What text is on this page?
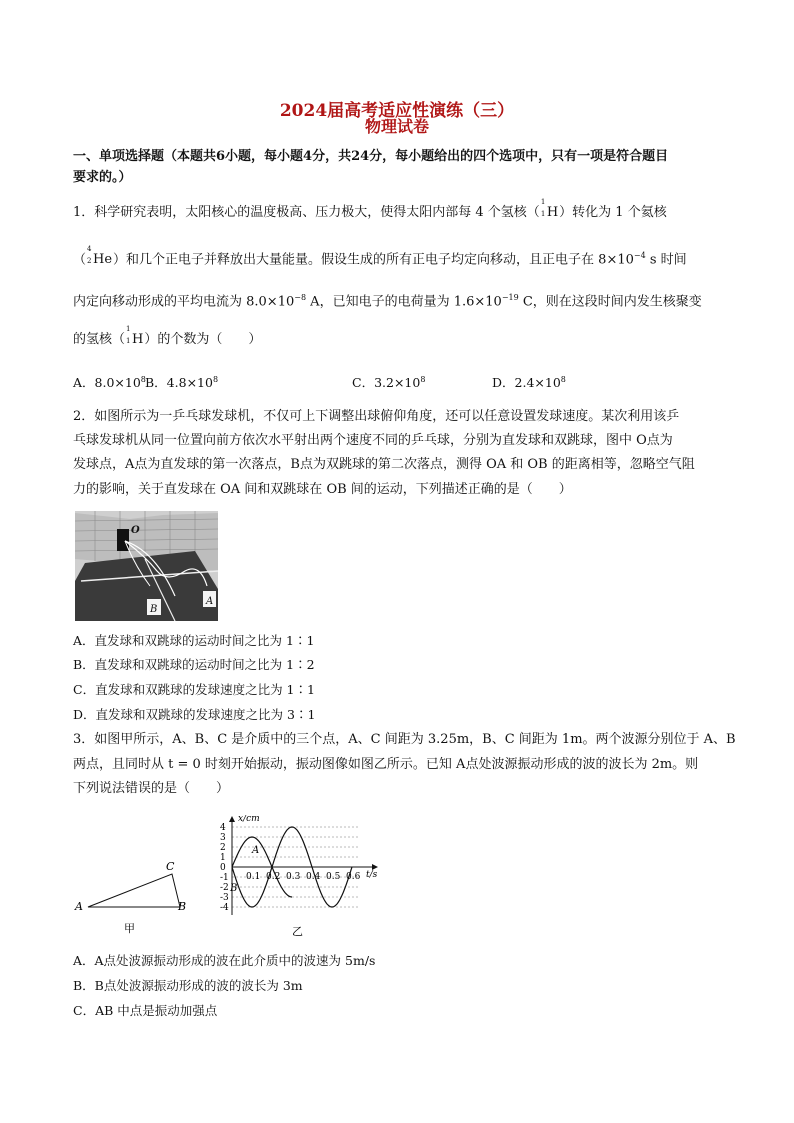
2024届高考适应性演练（三）
物理试卷
一、单项选择题（本题共6小题，每小题4分，共24分，每小题给出的四个选项中，只有一项是符合题目
要求的。）
1．科学研究表明，太阳核心的温度极高、压力极大，使得太阳内部每 4 个氢核（
1
1 H）转化为 1 个氦核
（
4
2 He）和几个正电子并释放出大量能量。假设生成的所有正电子均定向移动，且正电子在 $8\times 10^{-4}$ s 时间
内定向移动形成的平均电流为 $8.0\times 10^{-8}$ A，已知电子的电荷量为 $1.6\times 10^{-19}$ C，则在这段时间内发生核聚变
的氢核（
1
1 H）的个数为（　　）
A．$8.0\times 10^8$ B．$4.8\times 10^8$	C．$3.2\times 10^8$	D．$2.4\times 10^8$
2．如图所示为一乒乓球发球机，不仅可上下调整出球俯仰角度，还可以任意设置发球速度。某次利用该乒
乓球发球机从同一位置向前方依次水平射出两个速度不同的乒乓球，分别为直发球和双跳球，图中 O点为
发球点，A点为直发球的第一次落点，B点为双跳球的第二次落点，测得 OA 和 OB 的距离相等，忽略空气阻
力的影响，关于直发球在 OA 间和双跳球在 OB 间的运动，下列描述正确的是（　　）
O
B
A
A．直发球和双跳球的运动时间之比为 1∶1
B．直发球和双跳球的运动时间之比为 1∶2
C．直发球和双跳球的发球速度之比为 1∶1
D．直发球和双跳球的发球速度之比为 3∶1
3．如图甲所示，A、B、C 是介质中的三个点，A、C 间距为 3.25m，B、C 间距为 1m。两个波源分别位于 A、B
两点，且同时从 t = 0 时刻开始振动，振动图像如图乙所示。已知 A点处波源振动形成的波的波长为 2m。则
下列说法错误的是（　　）
A
C
B
甲
4
3
2
1
0
-1
-2
-3
-4
0.1 0.2 0.3 0.4 0.5 0.6
x/cm
t/s
A
B
乙
A．A点处波源振动形成的波在此介质中的波速为 5m/s
B．B点处波源振动形成的波的波长为 3m
C．AB 中点是振动加强点
